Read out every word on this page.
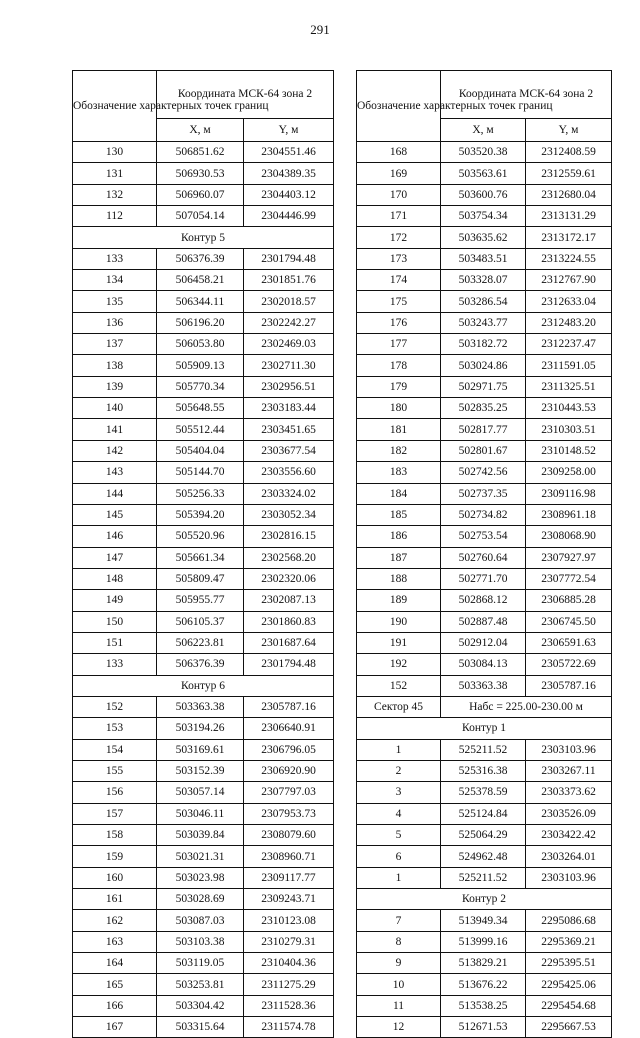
291
Обозначение характерных точек границ	Координата МСК-64 зона 2	
	X, м	Y, м
130	506851.62	2304551.46
131	506930.53	2304389.35
132	506960.07	2304403.12
112	507054.14	2304446.99
Контур 5		
133	506376.39	2301794.48
134	506458.21	2301851.76
135	506344.11	2302018.57
136	506196.20	2302242.27
137	506053.80	2302469.03
138	505909.13	2302711.30
139	505770.34	2302956.51
140	505648.55	2303183.44
141	505512.44	2303451.65
142	505404.04	2303677.54
143	505144.70	2303556.60
144	505256.33	2303324.02
145	505394.20	2303052.34
146	505520.96	2302816.15
147	505661.34	2302568.20
148	505809.47	2302320.06
149	505955.77	2302087.13
150	506105.37	2301860.83
151	506223.81	2301687.64
133	506376.39	2301794.48
Контур 6		
152	503363.38	2305787.16
153	503194.26	2306640.91
154	503169.61	2306796.05
155	503152.39	2306920.90
156	503057.14	2307797.03
157	503046.11	2307953.73
158	503039.84	2308079.60
159	503021.31	2308960.71
160	503023.98	2309117.77
161	503028.69	2309243.71
162	503087.03	2310123.08
163	503103.38	2310279.31
164	503119.05	2310404.36
165	503253.81	2311275.29
166	503304.42	2311528.36
167	503315.64	2311574.78
Обозначение характерных точек границ	Координата МСК-64 зона 2	
	X, м	Y, м
168	503520.38	2312408.59
169	503563.61	2312559.61
170	503600.76	2312680.04
171	503754.34	2313131.29
172	503635.62	2313172.17
173	503483.51	2313224.55
174	503328.07	2312767.90
175	503286.54	2312633.04
176	503243.77	2312483.20
177	503182.72	2312237.47
178	503024.86	2311591.05
179	502971.75	2311325.51
180	502835.25	2310443.53
181	502817.77	2310303.51
182	502801.67	2310148.52
183	502742.56	2309258.00
184	502737.35	2309116.98
185	502734.82	2308961.18
186	502753.54	2308068.90
187	502760.64	2307927.97
188	502771.70	2307772.54
189	502868.12	2306885.28
190	502887.48	2306745.50
191	502912.04	2306591.63
192	503084.13	2305722.69
152	503363.38	2305787.16
Сектор 45	Набс = 225.00-230.00 м	
Контур 1		
1	525211.52	2303103.96
2	525316.38	2303267.11
3	525378.59	2303373.62
4	525124.84	2303526.09
5	525064.29	2303422.42
6	524962.48	2303264.01
1	525211.52	2303103.96
Контур 2		
7	513949.34	2295086.68
8	513999.16	2295369.21
9	513829.21	2295395.51
10	513676.22	2295425.06
11	513538.25	2295454.68
12	512671.53	2295667.53
